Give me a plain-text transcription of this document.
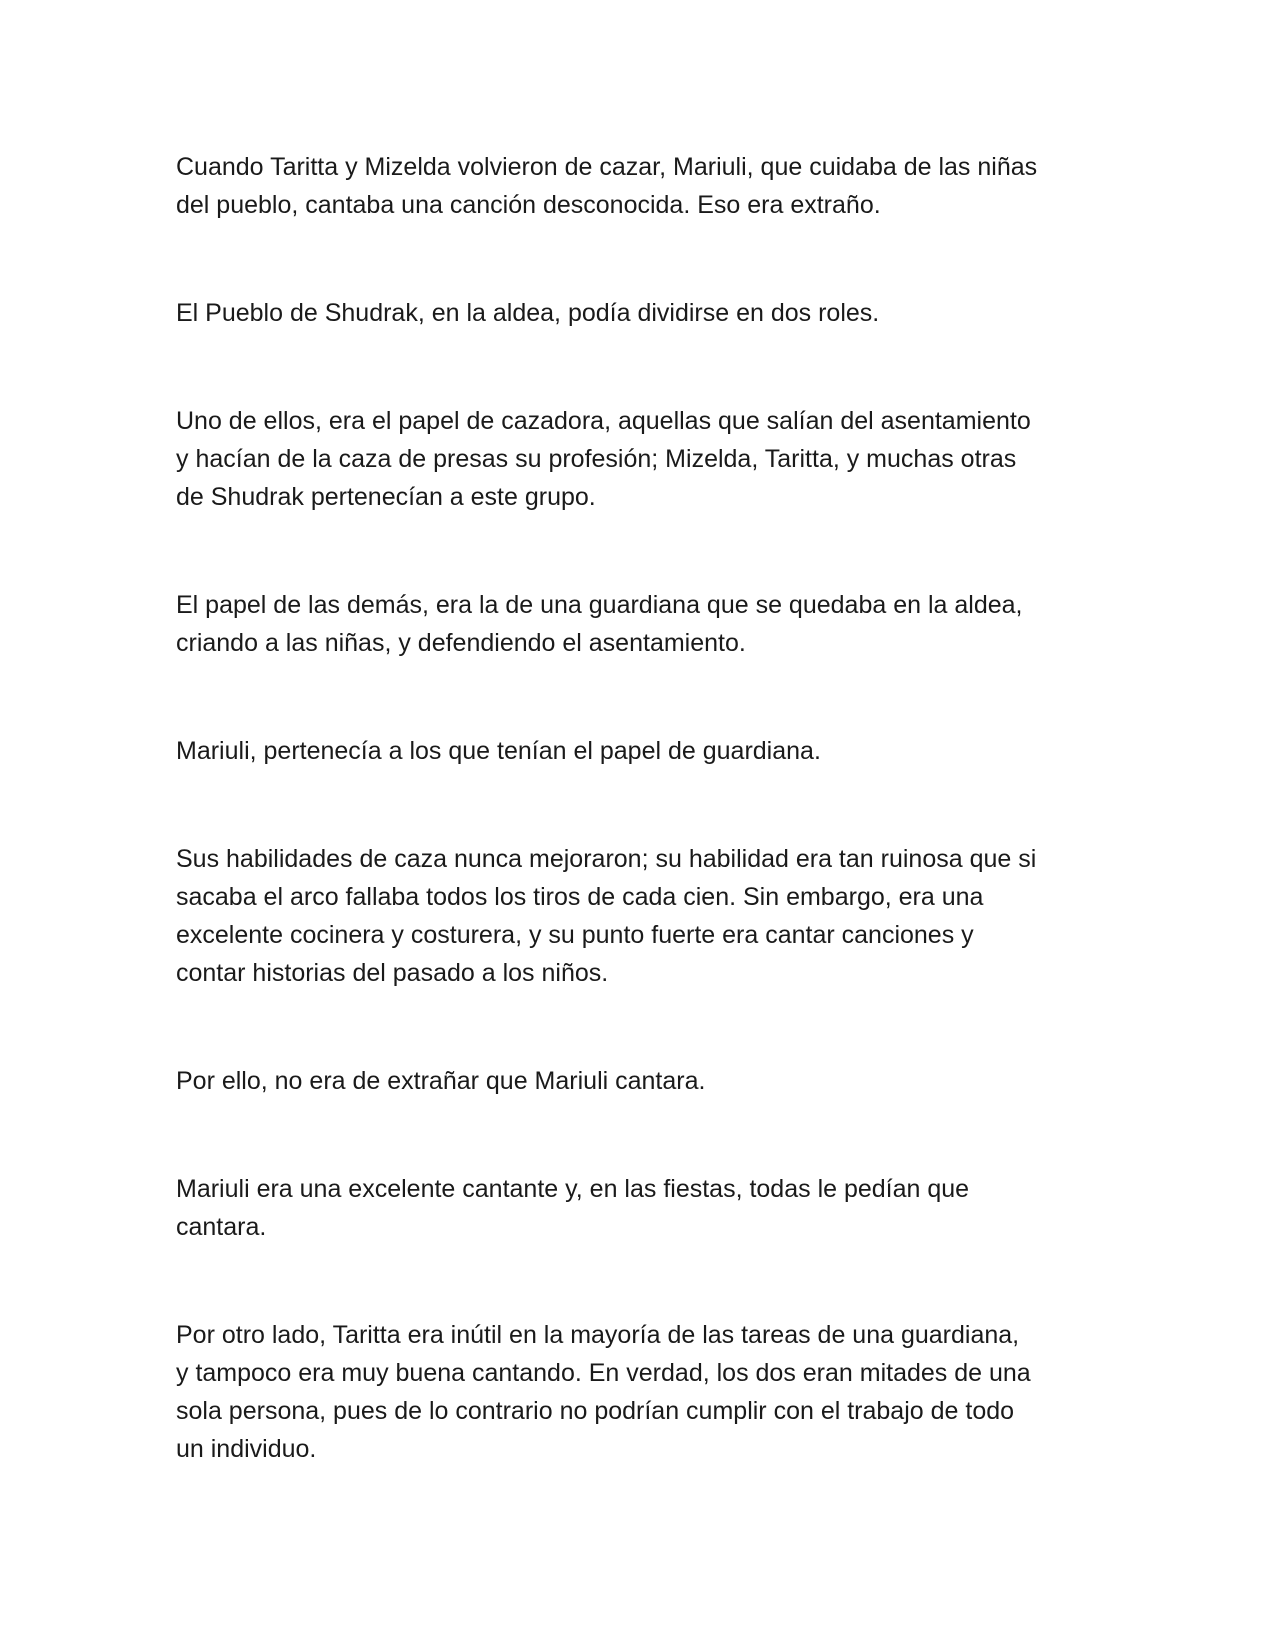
Cuando Taritta y Mizelda volvieron de cazar, Mariuli, que cuidaba de las niñas
del pueblo, cantaba una canción desconocida. Eso era extraño.

El Pueblo de Shudrak, en la aldea, podía dividirse en dos roles.

Uno de ellos, era el papel de cazadora, aquellas que salían del asentamiento
y hacían de la caza de presas su profesión; Mizelda, Taritta, y muchas otras
de Shudrak pertenecían a este grupo.

El papel de las demás, era la de una guardiana que se quedaba en la aldea,
criando a las niñas, y defendiendo el asentamiento.

Mariuli, pertenecía a los que tenían el papel de guardiana.

Sus habilidades de caza nunca mejoraron; su habilidad era tan ruinosa que si
sacaba el arco fallaba todos los tiros de cada cien. Sin embargo, era una
excelente cocinera y costurera, y su punto fuerte era cantar canciones y
contar historias del pasado a los niños.

Por ello, no era de extrañar que Mariuli cantara.

Mariuli era una excelente cantante y, en las fiestas, todas le pedían que
cantara.

Por otro lado, Taritta era inútil en la mayoría de las tareas de una guardiana,
y tampoco era muy buena cantando. En verdad, los dos eran mitades de una
sola persona, pues de lo contrario no podrían cumplir con el trabajo de todo
un individuo.
